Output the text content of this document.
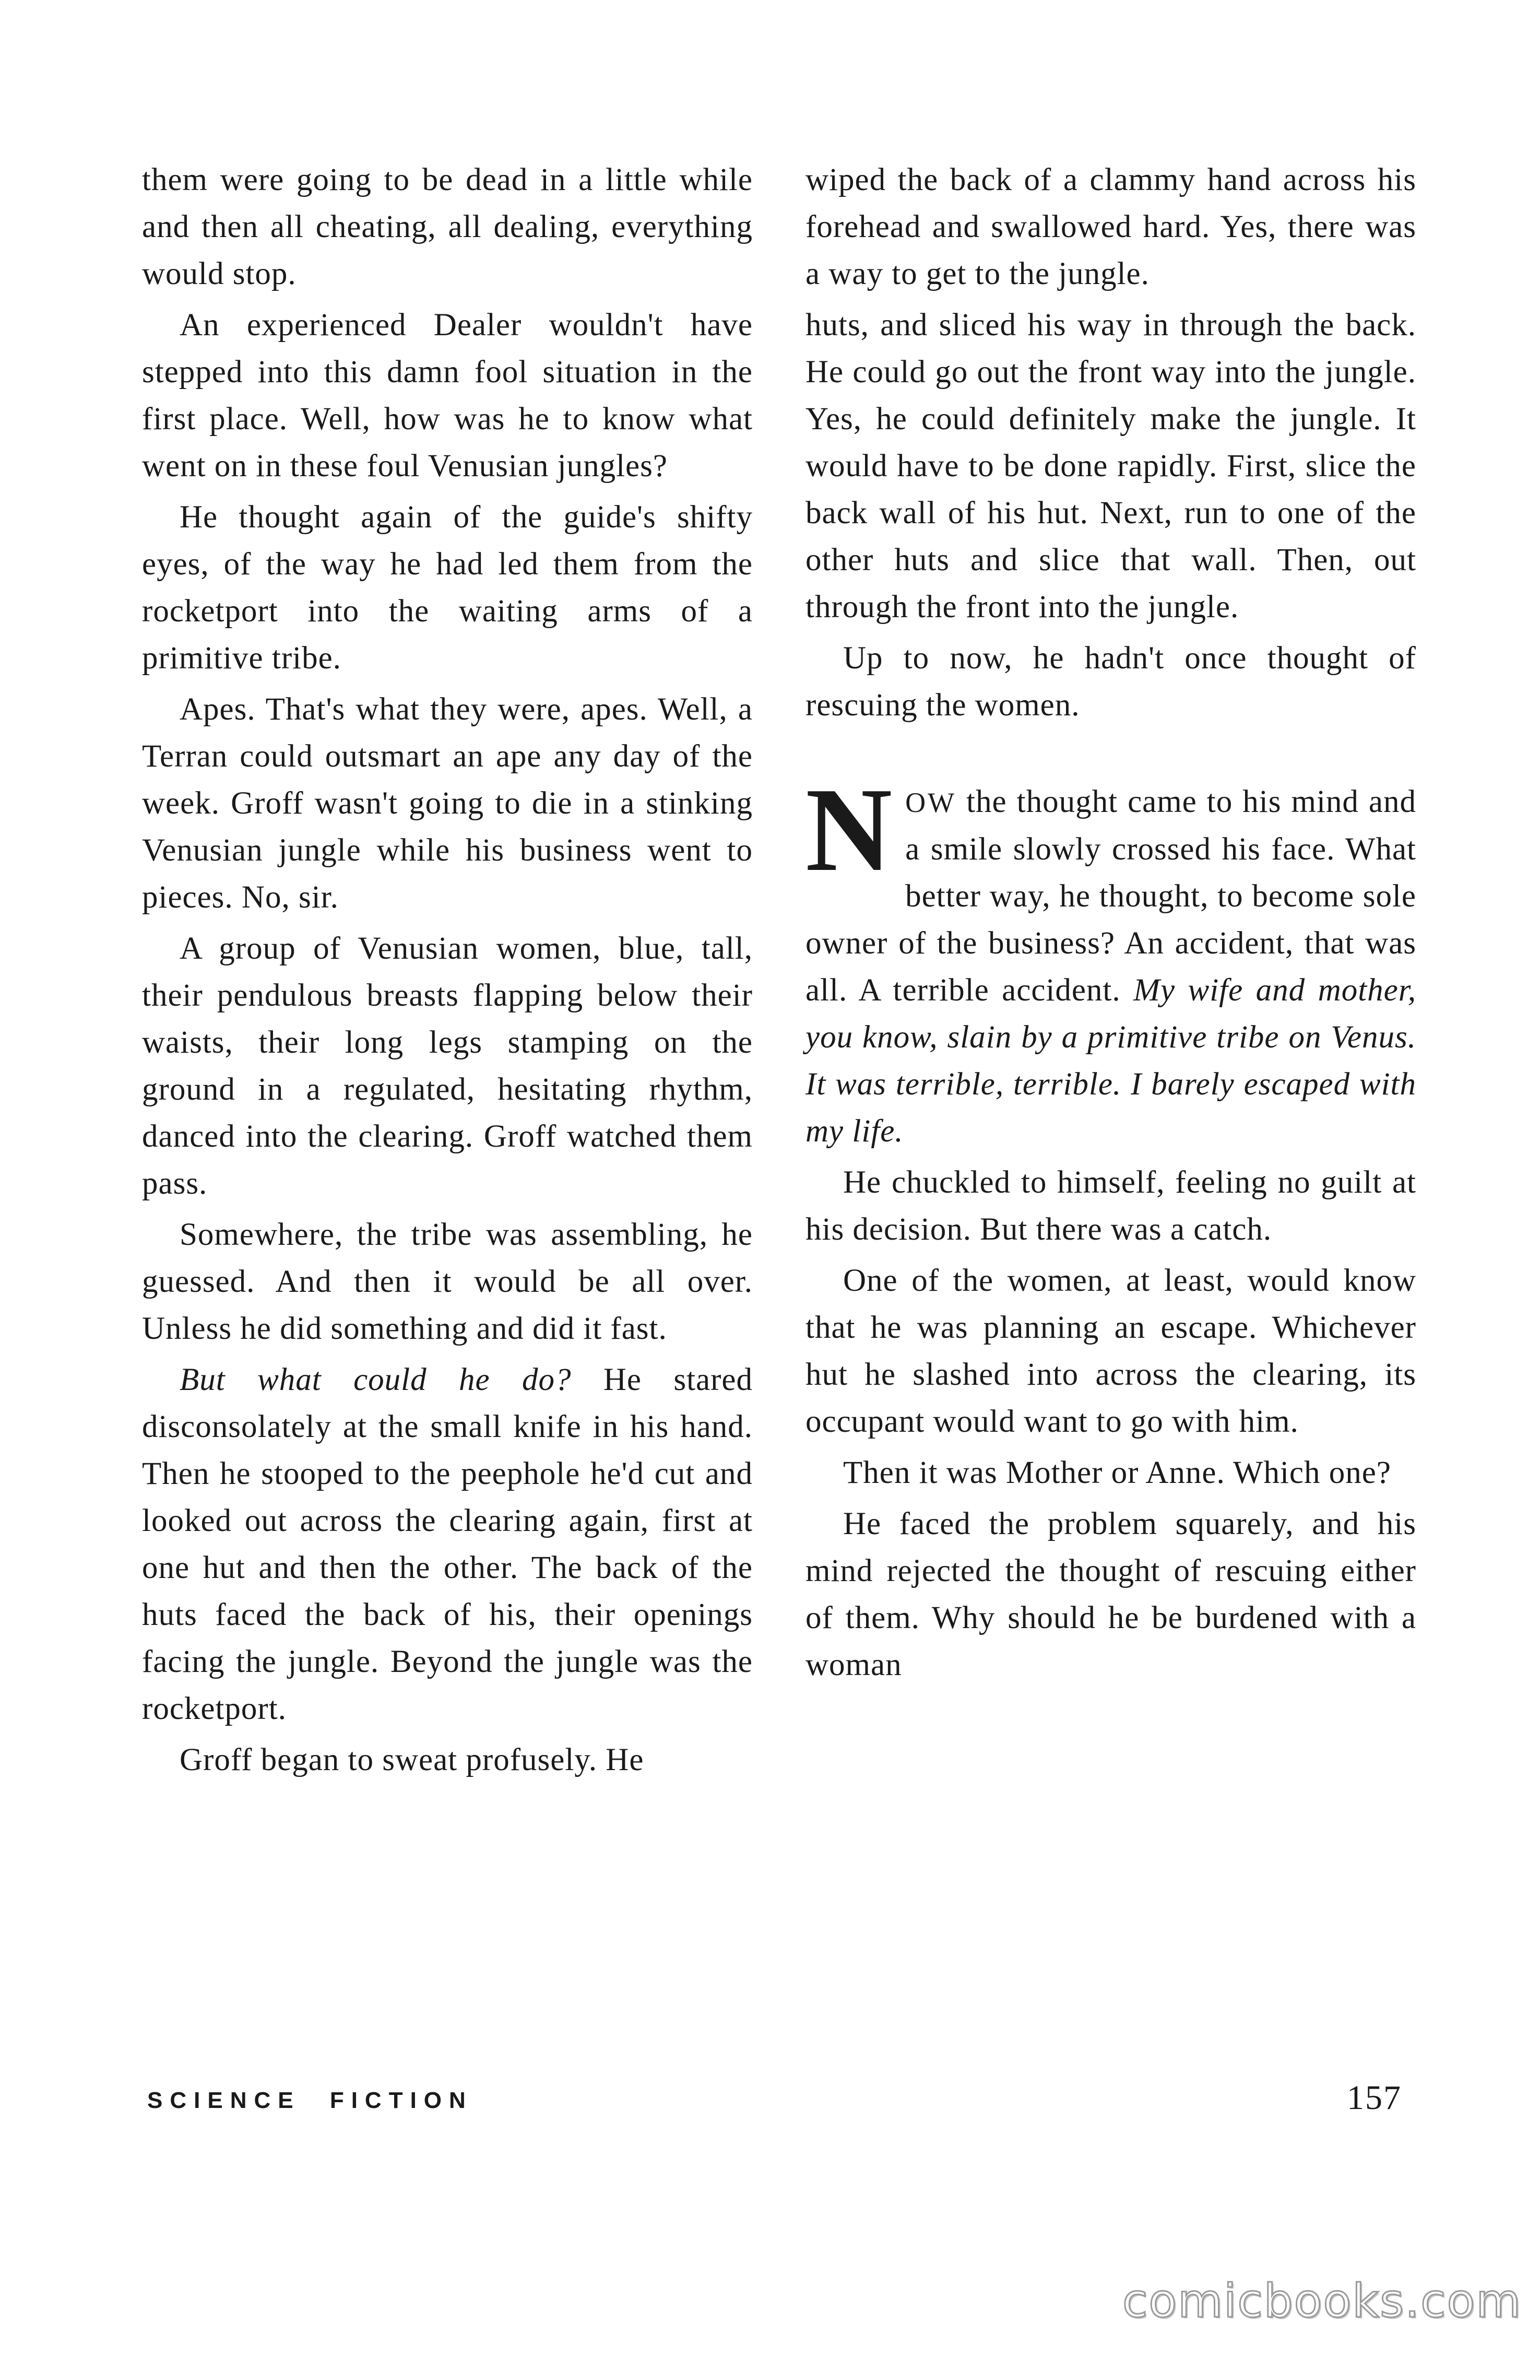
them were going to be dead in a little while and then all cheating, all dealing, everything would stop.

An experienced Dealer wouldn't have stepped into this damn fool situation in the first place. Well, how was he to know what went on in these foul Venusian jungles?

He thought again of the guide's shifty eyes, of the way he had led them from the rocketport into the waiting arms of a primitive tribe.

Apes. That's what they were, apes. Well, a Terran could outsmart an ape any day of the week. Groff wasn't going to die in a stinking Venusian jungle while his business went to pieces. No, sir.

A group of Venusian women, blue, tall, their pendulous breasts flapping below their waists, their long legs stamping on the ground in a regulated, hesitating rhythm, danced into the clearing. Groff watched them pass.

Somewhere, the tribe was assembling, he guessed. And then it would be all over. Unless he did something and did it fast.

But what could he do? He stared disconsolately at the small knife in his hand. Then he stooped to the peephole he'd cut and looked out across the clearing again, first at one hut and then the other. The back of the huts faced the back of his, their openings facing the jungle. Beyond the jungle was the rocketport.

Groff began to sweat profusely. He

wiped the back of a clammy hand across his forehead and swallowed hard. Yes, there was a way to get to the jungle.

huts, and sliced his way in through the back. He could go out the front way into the jungle. Yes, he could definitely make the jungle. It would have to be done rapidly. First, slice the back wall of his hut. Next, run to one of the other huts and slice that wall. Then, out through the front into the jungle.

Up to now, he hadn't once thought of rescuing the women.

NOW the thought came to his mind and a smile slowly crossed his face. What better way, he thought, to become sole owner of the business? An accident, that was all. A terrible accident. My wife and mother, you know, slain by a primitive tribe on Venus. It was terrible, terrible. I barely escaped with my life.

He chuckled to himself, feeling no guilt at his decision. But there was a catch.

One of the women, at least, would know that he was planning an escape. Whichever hut he slashed into across the clearing, its occupant would want to go with him.

Then it was Mother or Anne. Which one?

He faced the problem squarely, and his mind rejected the thought of rescuing either of them. Why should he be burdened with a woman

SCIENCE FICTION	157
comicbooks.com
